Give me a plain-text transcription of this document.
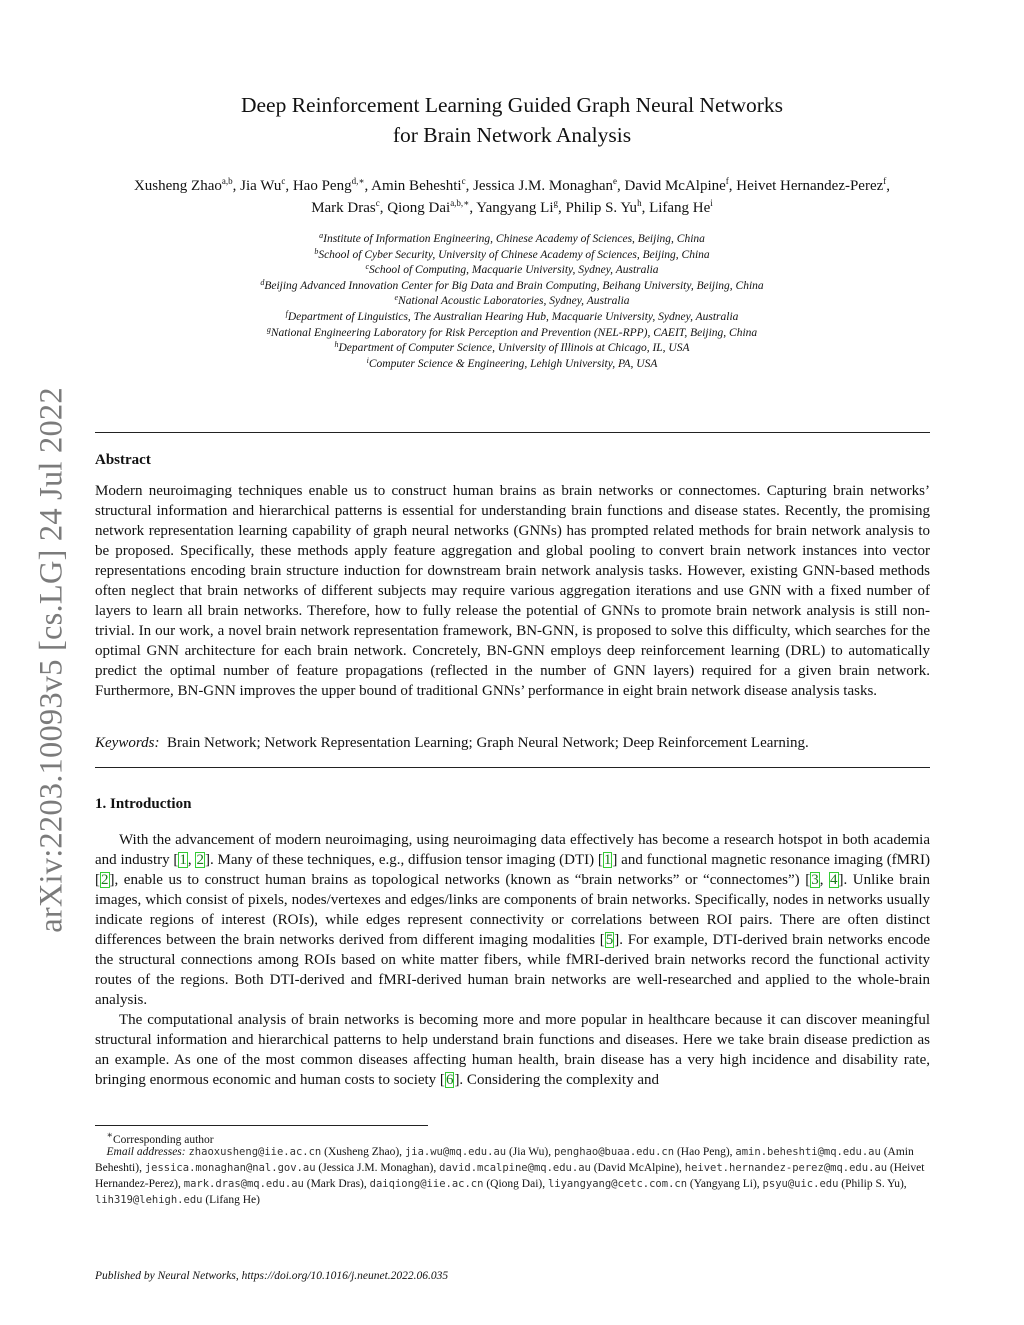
arXiv:2203.10093v5 [cs.LG] 24 Jul 2022
Deep Reinforcement Learning Guided Graph Neural Networks
for Brain Network Analysis
Xusheng Zhao$^{a,b}$, Jia Wu$^c$, Hao Peng$^{d,∗}$, Amin Beheshti$^c$, Jessica J.M. Monaghan$^e$, David McAlpine$^f$, Heivet Hernandez-Perez$^f$, Mark Dras$^c$, Qiong Dai$^{a,b,∗}$, Yangyang Li$^g$, Philip S. Yu$^h$, Lifang He$^i$
$^a$Institute of Information Engineering, Chinese Academy of Sciences, Beijing, China
$^b$School of Cyber Security, University of Chinese Academy of Sciences, Beijing, China
$^c$School of Computing, Macquarie University, Sydney, Australia
$^d$Beijing Advanced Innovation Center for Big Data and Brain Computing, Beihang University, Beijing, China
$^e$National Acoustic Laboratories, Sydney, Australia
$^f$Department of Linguistics, The Australian Hearing Hub, Macquarie University, Sydney, Australia
$^g$National Engineering Laboratory for Risk Perception and Prevention (NEL-RPP), CAEIT, Beijing, China
$^h$Department of Computer Science, University of Illinois at Chicago, IL, USA
$^i$Computer Science & Engineering, Lehigh University, PA, USA
Abstract
Modern neuroimaging techniques enable us to construct human brains as brain networks or connectomes. Capturing brain networks’ structural information and hierarchical patterns is essential for understanding brain functions and disease states. Recently, the promising network representation learning capability of graph neural networks (GNNs) has prompted related methods for brain network analysis to be proposed. Specifically, these methods apply feature aggregation and global pooling to convert brain network instances into vector representations encoding brain structure induction for downstream brain network analysis tasks. However, existing GNN-based methods often neglect that brain networks of different subjects may require various aggregation iterations and use GNN with a fixed number of layers to learn all brain networks. Therefore, how to fully release the potential of GNNs to promote brain network analysis is still non-trivial. In our work, a novel brain network representation framework, BN-GNN, is proposed to solve this difficulty, which searches for the optimal GNN architecture for each brain network. Concretely, BN-GNN employs deep reinforcement learning (DRL) to automatically predict the optimal number of feature propagations (reflected in the number of GNN layers) required for a given brain network. Furthermore, BN-GNN improves the upper bound of traditional GNNs’ performance in eight brain network disease analysis tasks.
Keywords: Brain Network; Network Representation Learning; Graph Neural Network; Deep Reinforcement Learning.
1. Introduction
With the advancement of modern neuroimaging, using neuroimaging data effectively has become a research hotspot in both academia and industry [1, 2]. Many of these techniques, e.g., diffusion tensor imaging (DTI) [1] and functional magnetic resonance imaging (fMRI) [2], enable us to construct human brains as topological networks (known as “brain networks” or “connectomes”) [3, 4]. Unlike brain images, which consist of pixels, nodes/vertexes and edges/links are components of brain networks. Specifically, nodes in networks usually indicate regions of interest (ROIs), while edges represent connectivity or correlations between ROI pairs. There are often distinct differences between the brain networks derived from different imaging modalities [5]. For example, DTI-derived brain networks encode the structural connections among ROIs based on white matter fibers, while fMRI-derived brain networks record the functional activity routes of the regions. Both DTI-derived and fMRI-derived human brain networks are well-researched and applied to the whole-brain analysis.
The computational analysis of brain networks is becoming more and more popular in healthcare because it can discover meaningful structural information and hierarchical patterns to help understand brain functions and diseases. Here we take brain disease prediction as an example. As one of the most common diseases affecting human health, brain disease has a very high incidence and disability rate, bringing enormous economic and human costs to society [6]. Considering the complexity and
∗Corresponding author
Email addresses: zhaoxusheng@iie.ac.cn (Xusheng Zhao), jia.wu@mq.edu.au (Jia Wu), penghao@buaa.edu.cn (Hao Peng), amin.beheshti@mq.edu.au (Amin Beheshti), jessica.monaghan@nal.gov.au (Jessica J.M. Monaghan), david.mcalpine@mq.edu.au (David McAlpine), heivet.hernandez-perez@mq.edu.au (Heivet Hernandez-Perez), mark.dras@mq.edu.au (Mark Dras), daiqiong@iie.ac.cn (Qiong Dai), liyangyang@cetc.com.cn (Yangyang Li), psyu@uic.edu (Philip S. Yu), lih319@lehigh.edu (Lifang He)
Published by Neural Networks, https://doi.org/10.1016/j.neunet.2022.06.035
